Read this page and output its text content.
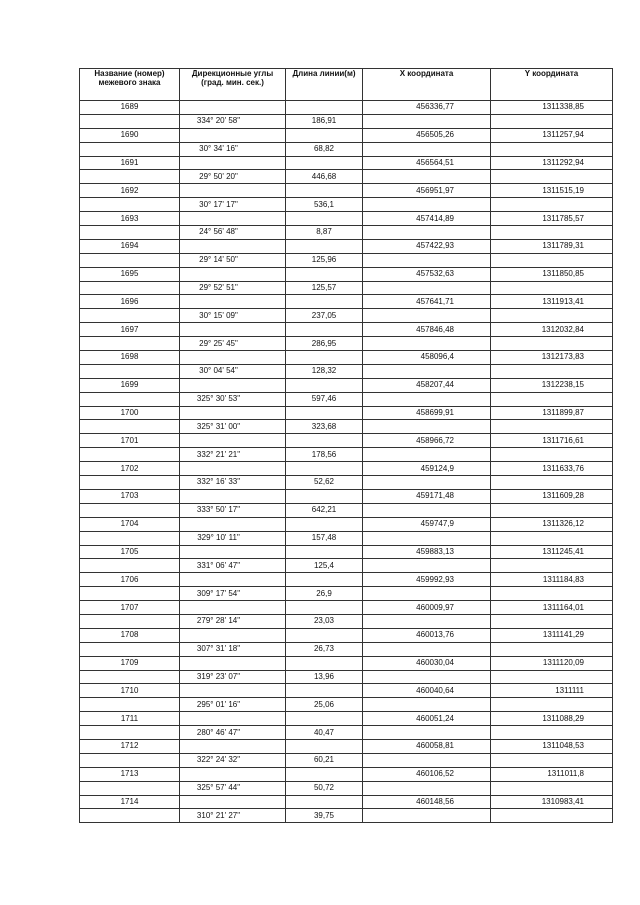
Название (номер) межевого знака	Дирекционные углы (град. мин. сек.)	Длина линии(м)	X координата	Y координата
1689			456336,77	1311338,85
	334° 20' 58"	186,91		
1690			456505,26	1311257,94
	30° 34' 16"	68,82		
1691			456564,51	1311292,94
	29° 50' 20"	446,68		
1692			456951,97	1311515,19
	30° 17' 17"	536,1		
1693			457414,89	1311785,57
	24° 56' 48"	8,87		
1694			457422,93	1311789,31
	29° 14' 50"	125,96		
1695			457532,63	1311850,85
	29° 52' 51"	125,57		
1696			457641,71	1311913,41
	30° 15' 09"	237,05		
1697			457846,48	1312032,84
	29° 25' 45"	286,95		
1698			458096,4	1312173,83
	30° 04' 54"	128,32		
1699			458207,44	1312238,15
	325° 30' 53"	597,46		
1700			458699,91	1311899,87
	325° 31' 00"	323,68		
1701			458966,72	1311716,61
	332° 21' 21"	178,56		
1702			459124,9	1311633,76
	332° 16' 33"	52,62		
1703			459171,48	1311609,28
	333° 50' 17"	642,21		
1704			459747,9	1311326,12
	329° 10' 11"	157,48		
1705			459883,13	1311245,41
	331° 06' 47"	125,4		
1706			459992,93	1311184,83
	309° 17' 54"	26,9		
1707			460009,97	1311164,01
	279° 28' 14"	23,03		
1708			460013,76	1311141,29
	307° 31' 18"	26,73		
1709			460030,04	1311120,09
	319° 23' 07"	13,96		
1710			460040,64	1311111
	295° 01' 16"	25,06		
1711			460051,24	1311088,29
	280° 46' 47"	40,47		
1712			460058,81	1311048,53
	322° 24' 32"	60,21		
1713			460106,52	1311011,8
	325° 57' 44"	50,72		
1714			460148,56	1310983,41
	310° 21' 27"	39,75		
